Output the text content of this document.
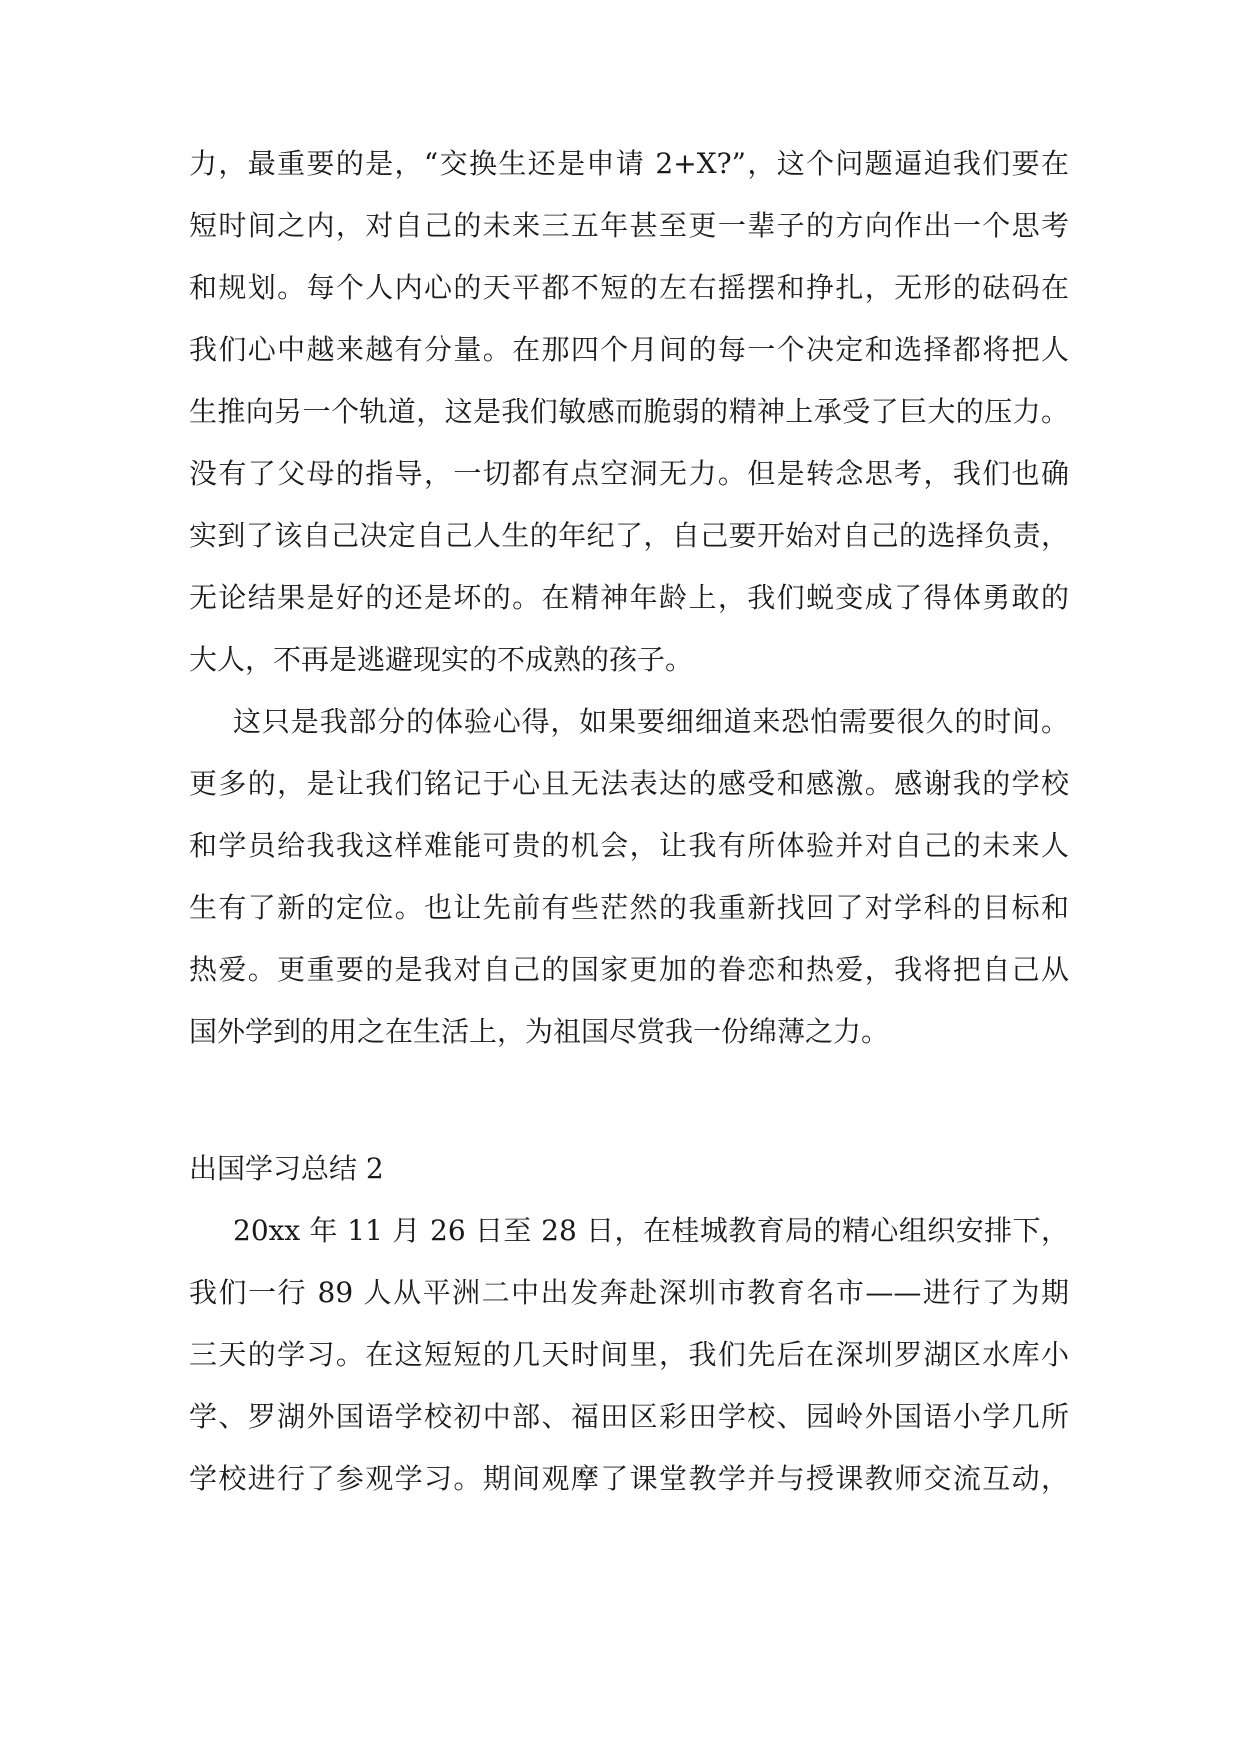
力，最重要的是，“交换生还是申请 2+X?”，这个问题逼迫我们要在
短时间之内，对自己的未来三五年甚至更一辈子的方向作出一个思考
和规划。每个人内心的天平都不短的左右摇摆和挣扎，无形的砝码在
我们心中越来越有分量。在那四个月间的每一个决定和选择都将把人
生推向另一个轨道，这是我们敏感而脆弱的精神上承受了巨大的压力。
没有了父母的指导，一切都有点空洞无力。但是转念思考，我们也确
实到了该自己决定自己人生的年纪了，自己要开始对自己的选择负责，
无论结果是好的还是坏的。在精神年龄上，我们蜕变成了得体勇敢的
大人，不再是逃避现实的不成熟的孩子。
这只是我部分的体验心得，如果要细细道来恐怕需要很久的时间。
更多的，是让我们铭记于心且无法表达的感受和感激。感谢我的学校
和学员给我我这样难能可贵的机会，让我有所体验并对自己的未来人
生有了新的定位。也让先前有些茫然的我重新找回了对学科的目标和
热爱。更重要的是我对自己的国家更加的眷恋和热爱，我将把自己从
国外学到的用之在生活上，为祖国尽赏我一份绵薄之力。
出国学习总结 2
20xx 年 11 月 26 日至 28 日，在桂城教育局的精心组织安排下，
我们一行 89 人从平洲二中出发奔赴深圳市教育名市——进行了为期
三天的学习。在这短短的几天时间里，我们先后在深圳罗湖区水库小
学、罗湖外国语学校初中部、福田区彩田学校、园岭外国语小学几所
学校进行了参观学习。期间观摩了课堂教学并与授课教师交流互动，
